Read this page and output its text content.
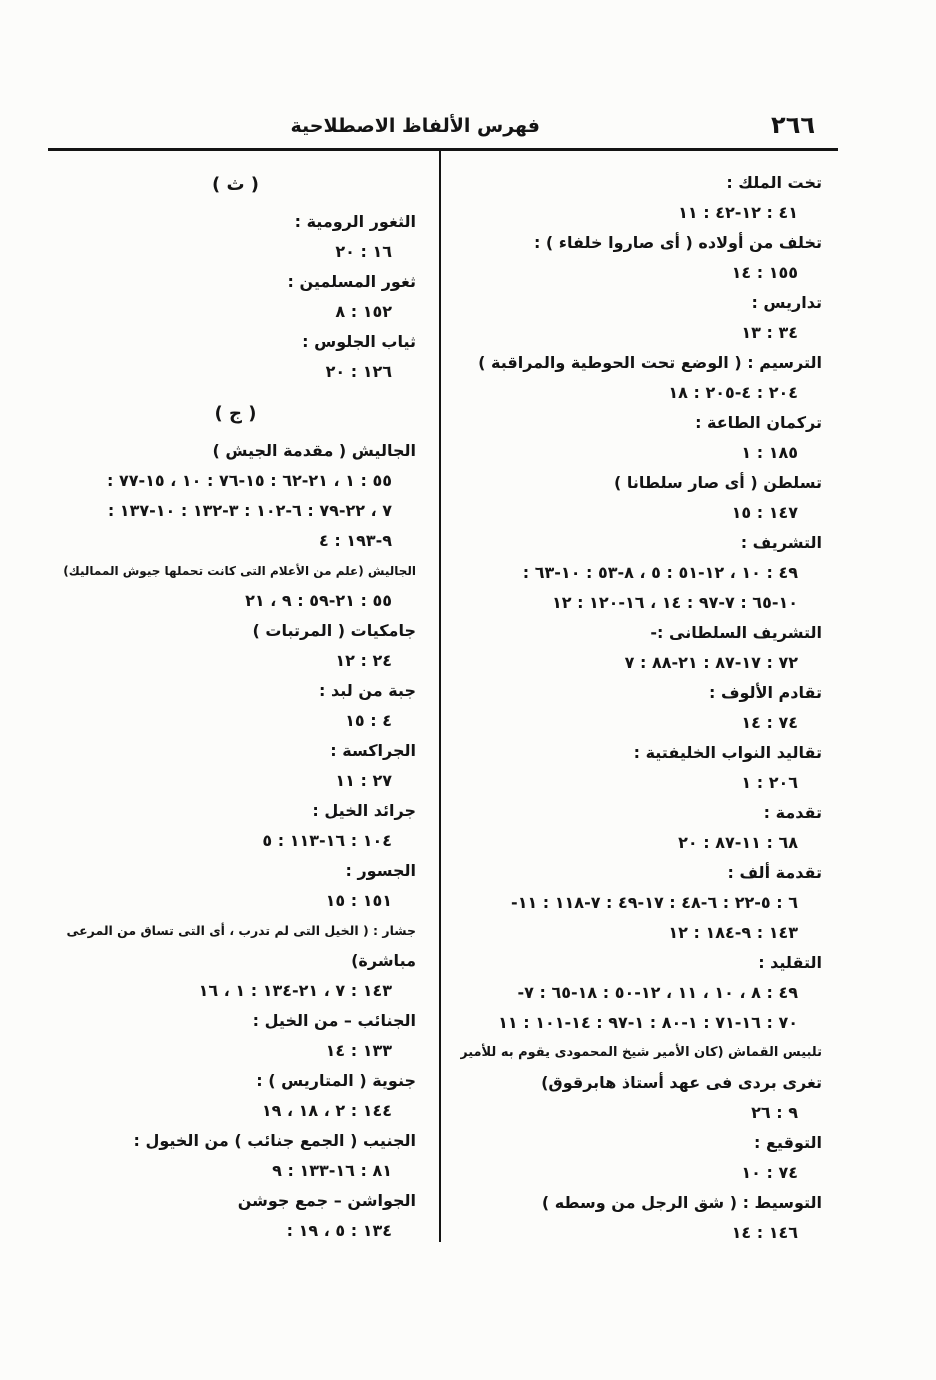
٢٦٦
فهرس الألفاظ الاصطلاحية
تخت الملك :
٤١ : ١٢-٤٢ : ١١
تخلف من أولاده ( أى صاروا خلفاء ) :
١٥٥ : ١٤
تداريس :
٣٤ : ١٣
الترسيم : ( الوضع تحت الحوطية والمراقبة )
٢٠٤ : ٤-٢٠٥ : ١٨
تركمان الطاعة :
١٨٥ : ١
تسلطن ( أى صار سلطانا )
١٤٧ : ١٥
التشريف :
٤٩ : ١٠ ، ١٢-٥١ : ٥ ، ٨-٥٣ : ١٠-٦٣ :
١٠-٦٥ : ٧-٩٧ : ١٤ ، ١٦-١٢٠ : ١٢
التشريف السلطانى :-
٧٢ : ١٧-٨٧ : ٢١-٨٨ : ٧
تقادم الألوف :
٧٤ : ١٤
تقاليد النواب الخليفتية :
٢٠٦ : ١
تقدمة :
٦٨ : ١١-٨٧ : ٢٠
تقدمة ألف :
٦ : ٥-٢٢ : ٦-٤٨ : ١٧-٤٩ : ٧-١١٨ : ١١-
١٤٣ : ٩-١٨٤ : ١٢
التقليد :
٤٩ : ٨ ، ١٠ ، ١١ ، ١٢-٥٠ : ١٨-٦٥ : ٧-
٧٠ : ١٦-٧١ : ١-٨٠ : ١-٩٧ : ١٤-١٠١ : ١١
تلبيس القماش (كان الأمير شيخ المحمودى يقوم به للأمير
تغرى بردى فى عهد أستاذ هابرقوق)
٩ : ٢٦
التوقيع :
٧٤ : ١٠
التوسيط : ( شق الرجل من وسطه )
١٤٦ : ١٤
( ث )
الثغور الرومية :
١٦ : ٢٠
ثغور المسلمين :
١٥٢ : ٨
ثياب الجلوس :
١٢٦ : ٢٠
( ج )
الجاليش ( مقدمة الجيش )
٥٥ : ١ ، ٢١-٦٢ : ١٥-٧٦ : ١٠ ، ١٥-٧٧ :
٧ ، ٢٢-٧٩ : ٦-١٠٢ : ٣-١٣٢ : ١٠-١٣٧ :
٩-١٩٣ : ٤
الجاليش (علم من الأعلام التى كانت تحملها جيوش المماليك)
٥٥ : ٢١-٥٩ : ٩ ، ٢١
جامكيات ( المرتبات )
٢٤ : ١٢
جبة من لبد :
٤ : ١٥
الجراكسة :
٢٧ : ١١
جرائد الخيل :
١٠٤ : ١٦-١١٣ : ٥
الجسور :
١٥١ : ١٥
جشار : ( الخيل التى لم تدرب ، أى التى تساق من المرعى
مباشرة)
١٤٣ : ٧ ، ٢١-١٣٤ : ١ ، ١٦
الجنائب – من الخيل :
١٣٣ : ١٤
جنوية ( المتاريس ) :
١٤٤ : ٢ ، ١٨ ، ١٩
الجنيب ( الجمع جنائب ) من الخيول :
٨١ : ١٦-١٣٣ : ٩
الجواشن – جمع جوشن
١٣٤ : ٥ ، ١٩ :
